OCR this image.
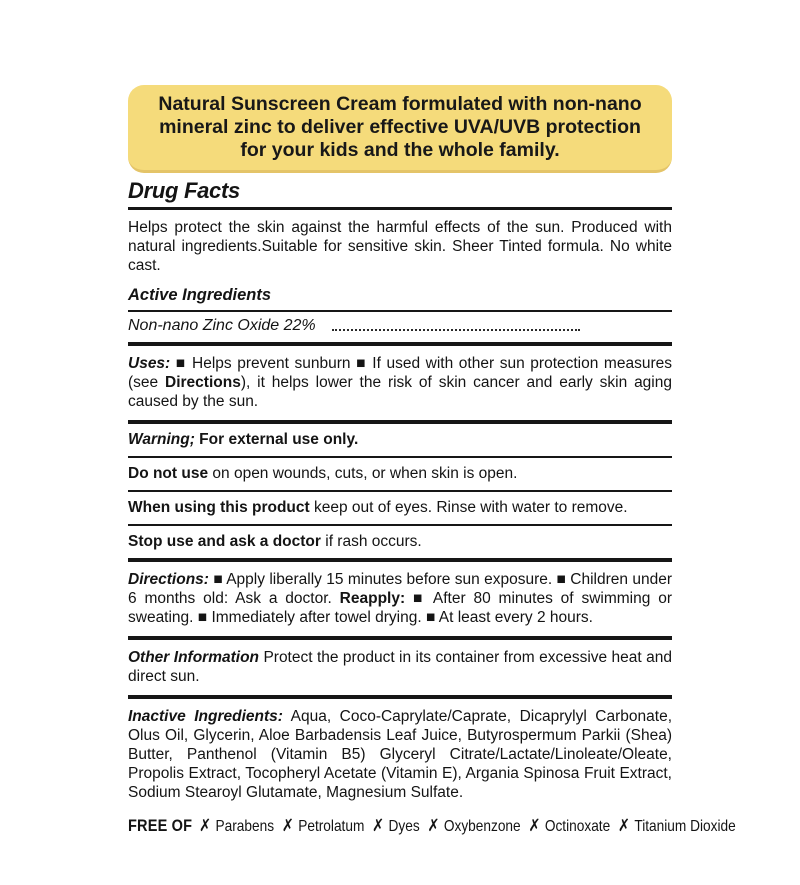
Natural Sunscreen Cream formulated with non-nano mineral zinc to deliver effective UVA/UVB protection for your kids and the whole family.
Drug Facts

Helps protect the skin against the harmful effects of the sun. Produced with natural ingredients.Suitable for sensitive skin. Sheer Tinted formula. No white cast.

Active Ingredients
Non-nano Zinc Oxide 22%

Uses: ■ Helps prevent sunburn ■ If used with other sun protection measures (see Directions), it helps lower the risk of skin cancer and early skin aging caused by the sun.

Warning; For external use only.

Do not use on open wounds, cuts, or when skin is open.

When using this product keep out of eyes. Rinse with water to remove.

Stop use and ask a doctor if rash occurs.

Directions: ■ Apply liberally 15 minutes before sun exposure. ■ Children under 6 months old: Ask a doctor. Reapply: ■ After 80 minutes of swimming or sweating. ■ Immediately after towel drying. ■ At least every 2 hours.

Other Information Protect the product in its container from excessive heat and direct sun.

Inactive Ingredients: Aqua, Coco-Caprylate/Caprate, Dicaprylyl Carbonate, Olus Oil, Glycerin, Aloe Barbadensis Leaf Juice, Butyrospermum Parkii (Shea) Butter, Panthenol (Vitamin B5) Glyceryl Citrate/Lactate/Linoleate/Oleate, Propolis Extract, Tocopheryl Acetate (Vitamin E), Argania Spinosa Fruit Extract, Sodium Stearoyl Glutamate, Magnesium Sulfate.

FREE OF ✗ Parabens ✗ Petrolatum ✗ Dyes ✗ Oxybenzone ✗ Octinoxate ✗ Titanium Dioxide
